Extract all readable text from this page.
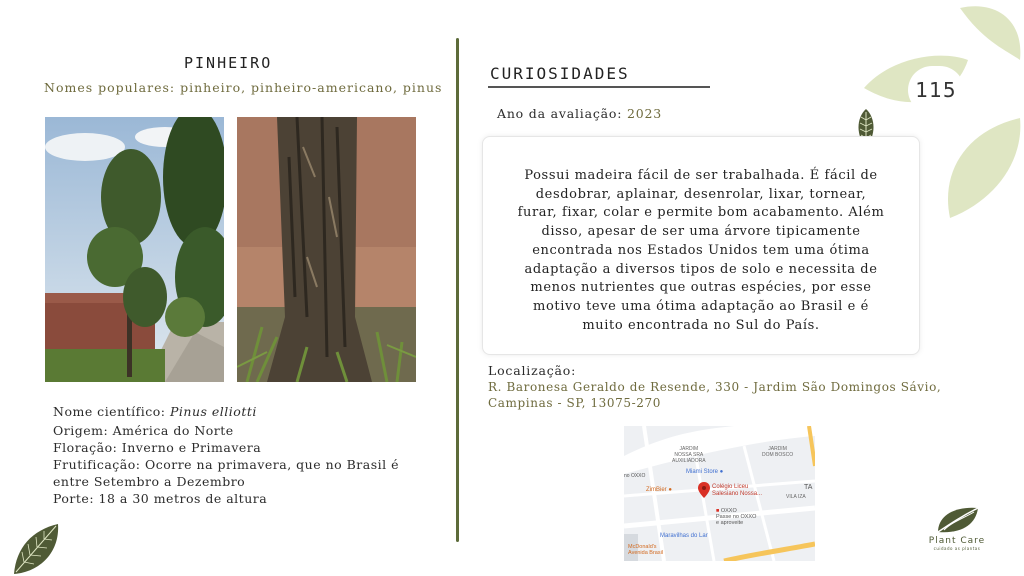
115
PINHEIRO
Nomes populares: pinheiro, pinheiro-americano, pinus
Nome científico: Pinus elliotti
Origem: América do Norte
Floração: Inverno e Primavera
Frutificação: Ocorre na primavera, que no Brasil é
entre Setembro a Dezembro
Porte: 18 a 30 metros de altura
CURIOSIDADES
Ano da avaliação: 2023
Possui madeira fácil de ser trabalhada. É fácil de
desdobrar, aplainar, desenrolar, lixar, tornear,
furar, fixar, colar e permite bom acabamento. Além
disso, apesar de ser uma árvore tipicamente
encontrada nos Estados Unidos tem uma ótima
adaptação a diversos tipos de solo e necessita de
menos nutrientes que outras espécies, por esse
motivo teve uma ótima adaptação ao Brasil e é
muito encontrada no Sul do País.
Localização:
R. Baronesa Geraldo de Resende, 330 - Jardim São Domingos Sávio,
Campinas - SP, 13075-270
JARDIM
NOSSA SRA
AUXILIADORA
JARDIM
DOM BOSCO
Miami Store ●
Colégio Liceu
Salesiano Nossa...
ZimBier ●
no OXXO
■ OXXO
Passe no OXXO
e aproveite
Maravilhas do Lar
McDonald's
Avenida Brasil
VILA IZA
TA
Plant Care
cuidado as plantas
